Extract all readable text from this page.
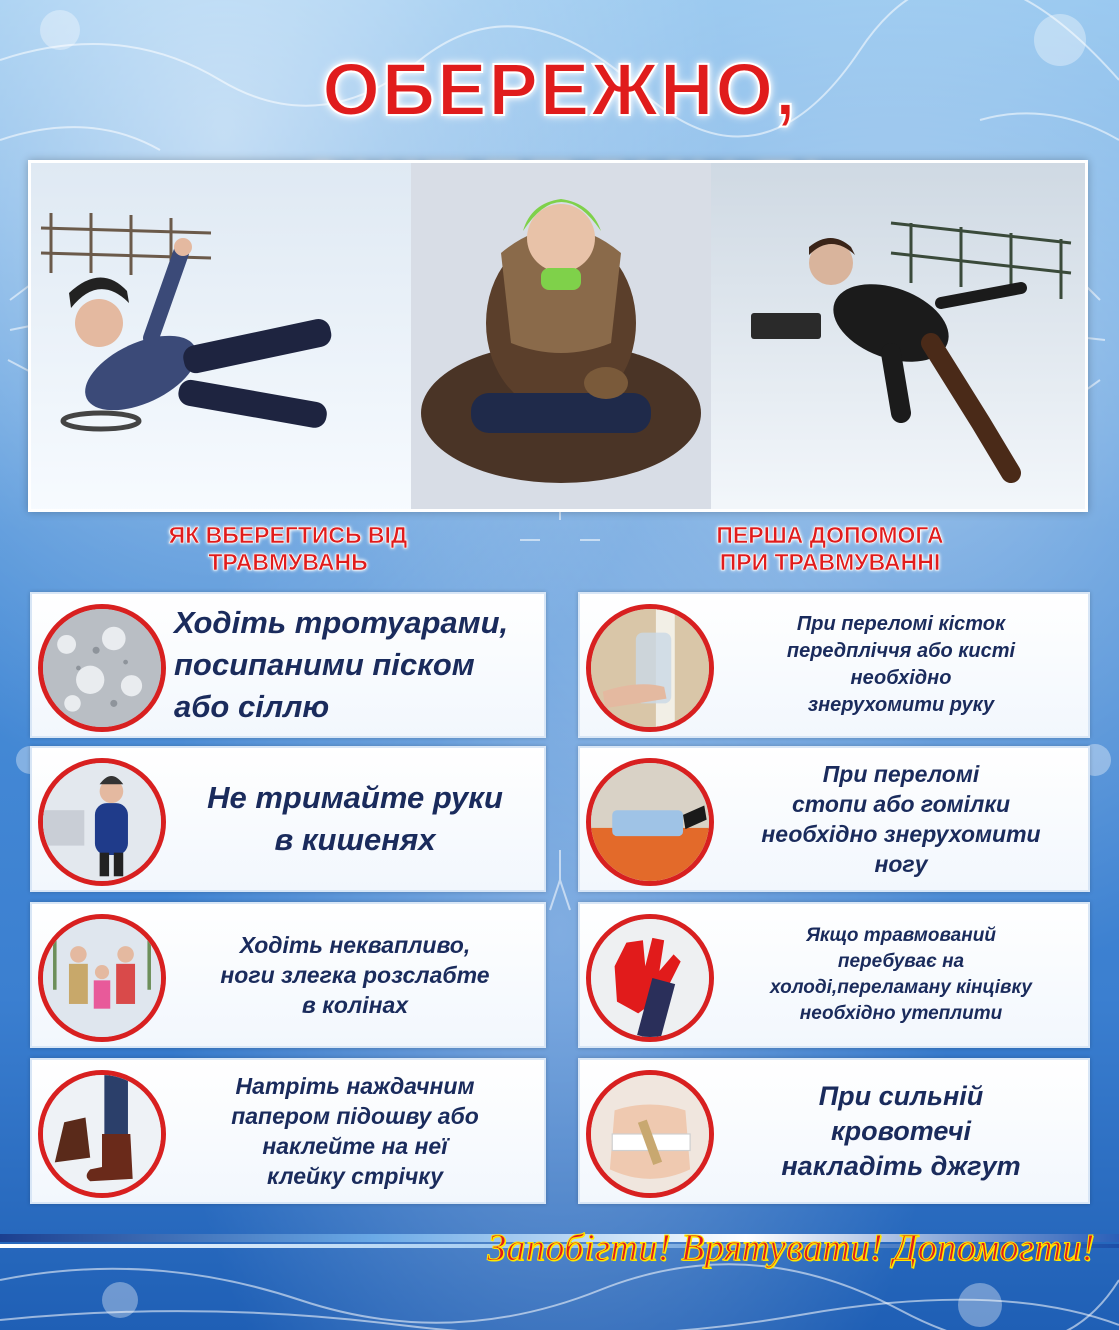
ОБЕРЕЖНО,
ЯК ВБЕРЕГТИСЬ ВІД
ТРАВМУВАНЬ
ПЕРША ДОПОМОГА
ПРИ ТРАВМУВАННІ
Ходіть тротуарами,
посипаними піском
або сіллю
Не тримайте руки
в кишенях
Ходіть неквапливо,
ноги злегка розслабте
в колінах
Натріть наждачним
папером підошву або
наклейте на неї
клейку стрічку
При переломі кісток
передпліччя або кисті
необхідно
знерухомити руку
При переломі
стопи або гомілки
необхідно знерухомити
ногу
Якщо травмований
перебуває на
холоді,переламану кінцівку
необхідно утеплити
При сильній
кровотечі
накладіть джгут
Запобігти! Врятувати! Допомогти!
